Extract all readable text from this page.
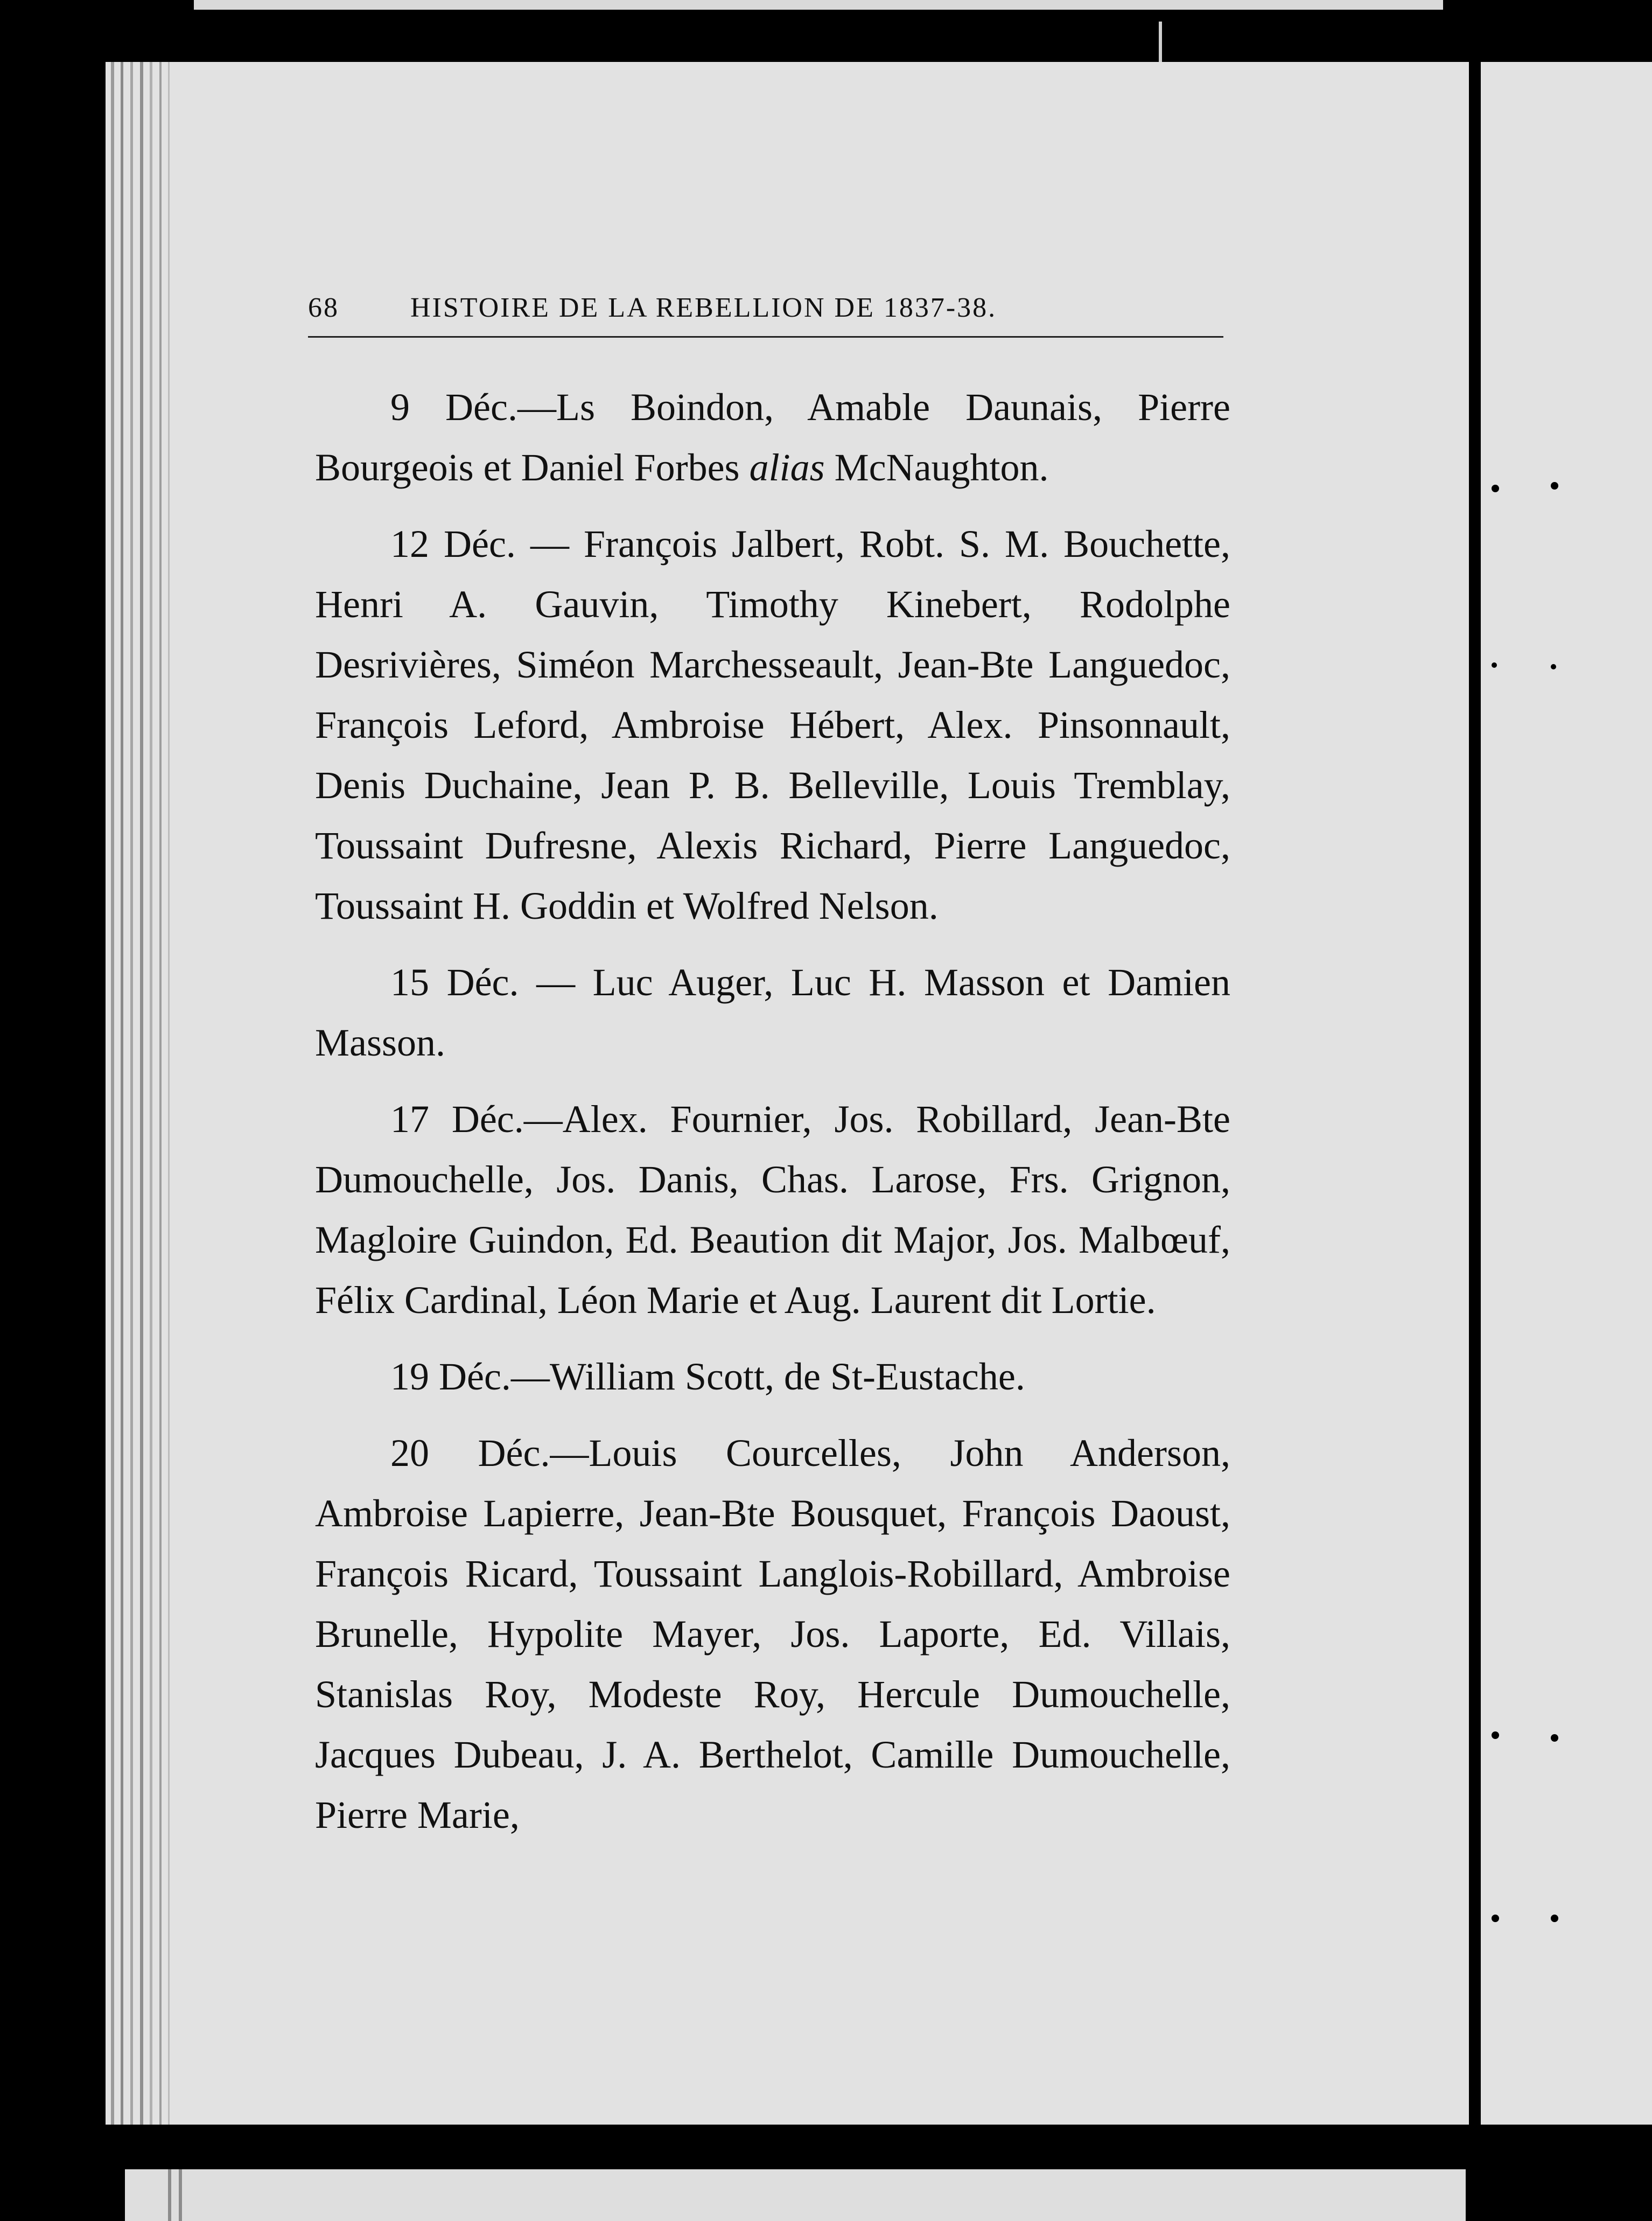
68	HISTOIRE DE LA REBELLION DE 1837-38.

9 Déc.—Ls Boindon, Amable Daunais, Pierre Bourgeois et Daniel Forbes alias McNaughton.

12 Déc. — François Jalbert, Robt. S. M. Bouchette, Henri A. Gauvin, Timothy Kinebert, Rodolphe Desrivières, Siméon Marchesseault, Jean-Bte Languedoc, François Leford, Ambroise Hébert, Alex. Pinsonnault, Denis Duchaine, Jean P. B. Belleville, Louis Tremblay, Toussaint Dufresne, Alexis Richard, Pierre Languedoc, Toussaint H. Goddin et Wolfred Nelson.

15 Déc. — Luc Auger, Luc H. Masson et Damien Masson.

17 Déc.—Alex. Fournier, Jos. Robillard, Jean-Bte Dumouchelle, Jos. Danis, Chas. Larose, Frs. Grignon, Magloire Guindon, Ed. Beaution dit Major, Jos. Malbœuf, Félix Cardinal, Léon Marie et Aug. Laurent dit Lortie.

19 Déc.—William Scott, de St-Eustache.

20 Déc.—Louis Courcelles, John Anderson, Ambroise Lapierre, Jean-Bte Bousquet, François Daoust, François Ricard, Toussaint Langlois-Robillard, Ambroise Brunelle, Hypolite Mayer, Jos. Laporte, Ed. Villais, Stanislas Roy, Modeste Roy, Hercule Dumouchelle, Jacques Dubeau, J. A. Berthelot, Camille Dumouchelle, Pierre Marie,
